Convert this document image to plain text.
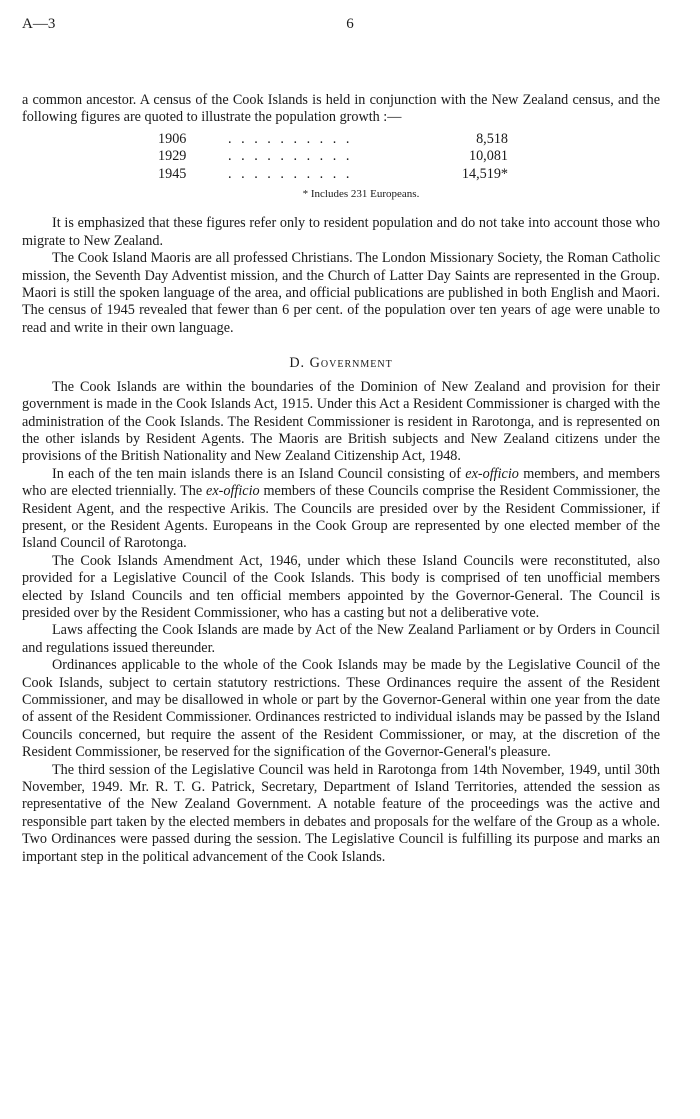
A—3	6

a common ancestor. A census of the Cook Islands is held in conjunction with the New Zealand census, and the following figures are quoted to illustrate the population growth :—

1906	. . . . . . . . . .	8,518
1929	. . . . . . . . . .	10,081
1945	. . . . . . . . . .	14,519*
* Includes 231 Europeans.

It is emphasized that these figures refer only to resident population and do not take into account those who migrate to New Zealand.

The Cook Island Maoris are all professed Christians. The London Missionary Society, the Roman Catholic mission, the Seventh Day Adventist mission, and the Church of Latter Day Saints are represented in the Group. Maori is still the spoken language of the area, and official publications are published in both English and Maori. The census of 1945 revealed that fewer than 6 per cent. of the population over ten years of age were unable to read and write in their own language.

D. Government

The Cook Islands are within the boundaries of the Dominion of New Zealand and provision for their government is made in the Cook Islands Act, 1915. Under this Act a Resident Commissioner is charged with the administration of the Cook Islands. The Resident Commissioner is resident in Rarotonga, and is represented on the other islands by Resident Agents. The Maoris are British subjects and New Zealand citizens under the provisions of the British Nationality and New Zealand Citizenship Act, 1948.

In each of the ten main islands there is an Island Council consisting of ex-officio members, and members who are elected triennially. The ex-officio members of these Councils comprise the Resident Commissioner, the Resident Agent, and the respective Arikis. The Councils are presided over by the Resident Commissioner, if present, or the Resident Agents. Europeans in the Cook Group are represented by one elected member of the Island Council of Rarotonga.

The Cook Islands Amendment Act, 1946, under which these Island Councils were reconstituted, also provided for a Legislative Council of the Cook Islands. This body is comprised of ten unofficial members elected by Island Councils and ten official members appointed by the Governor-General. The Council is presided over by the Resident Commissioner, who has a casting but not a deliberative vote.

Laws affecting the Cook Islands are made by Act of the New Zealand Parliament or by Orders in Council and regulations issued thereunder.

Ordinances applicable to the whole of the Cook Islands may be made by the Legislative Council of the Cook Islands, subject to certain statutory restrictions. These Ordinances require the assent of the Resident Commissioner, and may be disallowed in whole or part by the Governor-General within one year from the date of assent of the Resident Commissioner. Ordinances restricted to individual islands may be passed by the Island Councils concerned, but require the assent of the Resident Commissioner, or may, at the discretion of the Resident Commissioner, be reserved for the signification of the Governor-General's pleasure.

The third session of the Legislative Council was held in Rarotonga from 14th November, 1949, until 30th November, 1949. Mr. R. T. G. Patrick, Secretary, Department of Island Territories, attended the session as representative of the New Zealand Government. A notable feature of the proceedings was the active and responsible part taken by the elected members in debates and proposals for the welfare of the Group as a whole. Two Ordinances were passed during the session. The Legislative Council is fulfilling its purpose and marks an important step in the political advancement of the Cook Islands.
